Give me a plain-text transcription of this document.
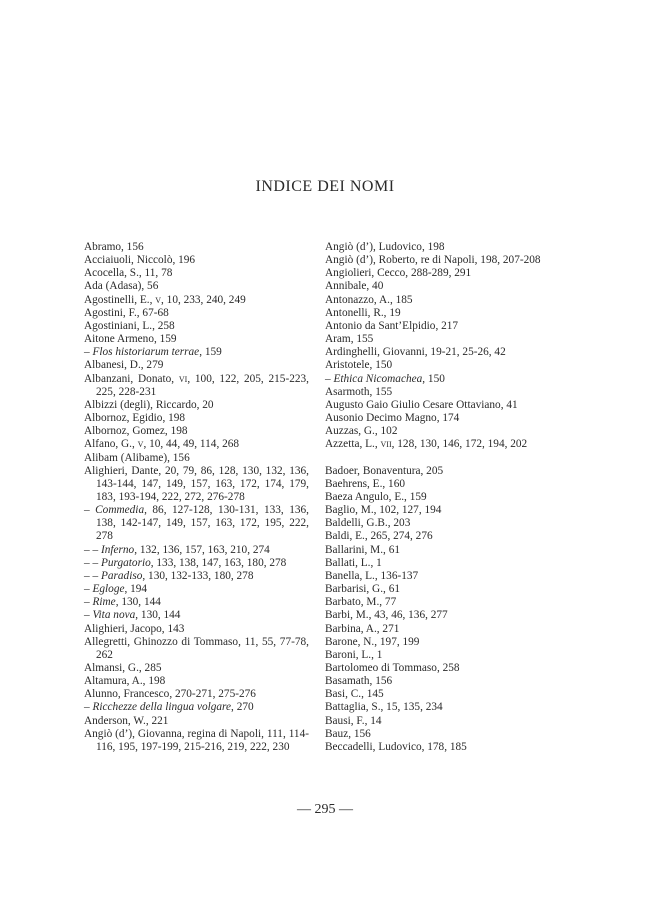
INDICE DEI NOMI
Abramo, 156
Acciaiuoli, Niccolò, 196
Acocella, S., 11, 78
Ada (Adasa), 56
Agostinelli, E., v, 10, 233, 240, 249
Agostini, F., 67-68
Agostiniani, L., 258
Aitone Armeno, 159
– Flos historiarum terrae, 159
Albanesi, D., 279
Albanzani, Donato, vi, 100, 122, 205, 215-223, 225, 228-231
Albizzi (degli), Riccardo, 20
Albornoz, Egidio, 198
Albornoz, Gomez, 198
Alfano, G., v, 10, 44, 49, 114, 268
Alibam (Alibame), 156
Alighieri, Dante, 20, 79, 86, 128, 130, 132, 136, 143-144, 147, 149, 157, 163, 172, 174, 179, 183, 193-194, 222, 272, 276-278
– Commedia, 86, 127-128, 130-131, 133, 136, 138, 142-147, 149, 157, 163, 172, 195, 222, 278
– – Inferno, 132, 136, 157, 163, 210, 274
– – Purgatorio, 133, 138, 147, 163, 180, 278
– – Paradiso, 130, 132-133, 180, 278
– Egloge, 194
– Rime, 130, 144
– Vita nova, 130, 144
Alighieri, Jacopo, 143
Allegretti, Ghinozzo di Tommaso, 11, 55, 77-78, 262
Almansi, G., 285
Altamura, A., 198
Alunno, Francesco, 270-271, 275-276
– Ricchezze della lingua volgare, 270
Anderson, W., 221
Angiò (d’), Giovanna, regina di Napoli, 111, 114-116, 195, 197-199, 215-216, 219, 222, 230
Angiò (d’), Ludovico, 198
Angiò (d’), Roberto, re di Napoli, 198, 207-208
Angiolieri, Cecco, 288-289, 291
Annibale, 40
Antonazzo, A., 185
Antonelli, R., 19
Antonio da Sant’Elpidio, 217
Aram, 155
Ardinghelli, Giovanni, 19-21, 25-26, 42
Aristotele, 150
– Ethica Nicomachea, 150
Asarmoth, 155
Augusto Gaio Giulio Cesare Ottaviano, 41
Ausonio Decimo Magno, 174
Auzzas, G., 102
Azzetta, L., vii, 128, 130, 146, 172, 194, 202
Badoer, Bonaventura, 205
Baehrens, E., 160
Baeza Angulo, E., 159
Baglio, M., 102, 127, 194
Baldelli, G.B., 203
Baldi, E., 265, 274, 276
Ballarini, M., 61
Ballati, L., 1
Banella, L., 136-137
Barbarisi, G., 61
Barbato, M., 77
Barbi, M., 43, 46, 136, 277
Barbina, A., 271
Barone, N., 197, 199
Baroni, L., 1
Bartolomeo di Tommaso, 258
Basamath, 156
Basi, C., 145
Battaglia, S., 15, 135, 234
Bausi, F., 14
Bauz, 156
Beccadelli, Ludovico, 178, 185
— 295 —
